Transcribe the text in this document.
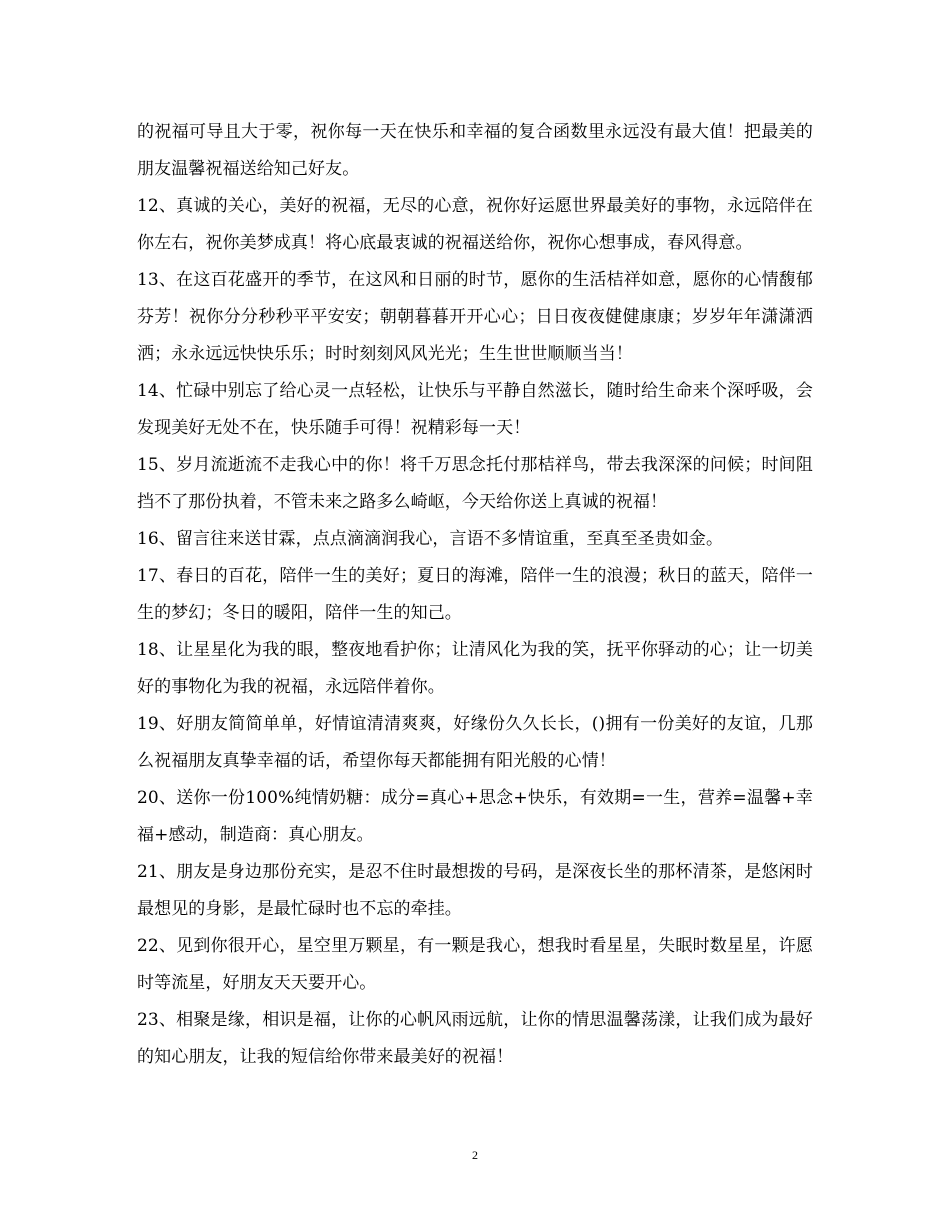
的祝福可导且大于零，祝你每一天在快乐和幸福的复合函数里永远没有最大值！把最美的朋友温馨祝福送给知己好友。

12、真诚的关心，美好的祝福，无尽的心意，祝你好运愿世界最美好的事物，永远陪伴在你左右，祝你美梦成真！将心底最衷诚的祝福送给你，祝你心想事成，春风得意。

13、在这百花盛开的季节，在这风和日丽的时节，愿你的生活桔祥如意，愿你的心情馥郁芬芳！祝你分分秒秒平平安安；朝朝暮暮开开心心；日日夜夜健健康康；岁岁年年潇潇洒洒；永永远远快快乐乐；时时刻刻风风光光；生生世世顺顺当当！

14、忙碌中别忘了给心灵一点轻松，让快乐与平静自然滋长，随时给生命来个深呼吸，会发现美好无处不在，快乐随手可得！祝精彩每一天！

15、岁月流逝流不走我心中的你！将千万思念托付那桔祥鸟，带去我深深的问候；时间阻挡不了那份执着，不管未来之路多么崎岖，今天给你送上真诚的祝福！

16、留言往来送甘霖，点点滴滴润我心，言语不多情谊重，至真至圣贵如金。

17、春日的百花，陪伴一生的美好；夏日的海滩，陪伴一生的浪漫；秋日的蓝天，陪伴一生的梦幻；冬日的暖阳，陪伴一生的知己。

18、让星星化为我的眼，整夜地看护你；让清风化为我的笑，抚平你驿动的心；让一切美好的事物化为我的祝福，永远陪伴着你。

19、好朋友简简单单，好情谊清清爽爽，好缘份久久长长，()拥有一份美好的友谊，几那么祝福朋友真挚幸福的话，希望你每天都能拥有阳光般的心情！

20、送你一份100%纯情奶糖：成分=真心+思念+快乐，有效期=一生，营养=温馨+幸福+感动，制造商：真心朋友。

21、朋友是身边那份充实，是忍不住时最想拨的号码，是深夜长坐的那杯清茶，是悠闲时最想见的身影，是最忙碌时也不忘的牵挂。

22、见到你很开心，星空里万颗星，有一颗是我心，想我时看星星，失眠时数星星，许愿时等流星，好朋友天天要开心。

23、相聚是缘，相识是福，让你的心帆风雨远航，让你的情思温馨荡漾，让我们成为最好的知心朋友，让我的短信给你带来最美好的祝福！

2
